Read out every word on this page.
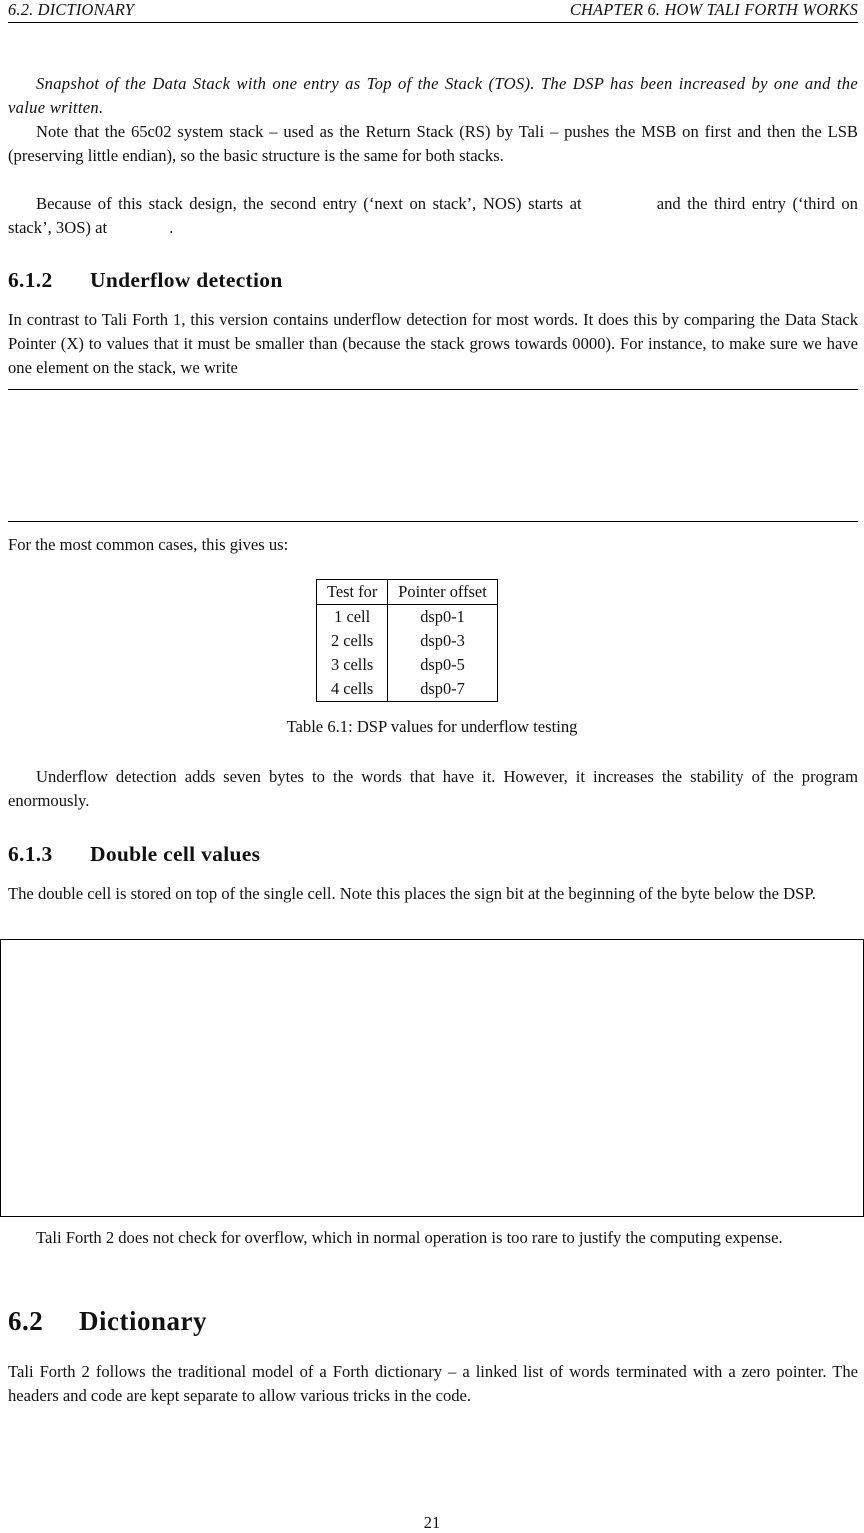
6.2. DICTIONARY	CHAPTER 6. HOW TALI FORTH WORKS

Snapshot of the Data Stack with one entry as Top of the Stack (TOS). The DSP has been increased by one and the value written.

Note that the 65c02 system stack – used as the Return Stack (RS) by Tali – pushes the MSB on first and then the LSB (preserving little endian), so the basic structure is the same for both stacks.

Because of this stack design, the second entry (‘next on stack’, NOS) starts at	and the third entry (‘third on stack’, 3OS) at	.

6.1.2 Underflow detection

In contrast to Tali Forth 1, this version contains underflow detection for most words. It does this by comparing the Data Stack Pointer (X) to values that it must be smaller than (because the stack grows towards 0000). For instance, to make sure we have one element on the stack, we write

For the most common cases, this gives us:

Test for	Pointer offset
1 cell	dsp0-1
2 cells	dsp0-3
3 cells	dsp0-5
4 cells	dsp0-7
Table 6.1: DSP values for underflow testing

Underflow detection adds seven bytes to the words that have it. However, it increases the stability of the program enormously.

6.1.3 Double cell values

The double cell is stored on top of the single cell. Note this places the sign bit at the beginning of the byte below the DSP.

Tali Forth 2 does not check for overflow, which in normal operation is too rare to justify the computing expense.

6.2 Dictionary

Tali Forth 2 follows the traditional model of a Forth dictionary – a linked list of words terminated with a zero pointer. The headers and code are kept separate to allow various tricks in the code.

21
